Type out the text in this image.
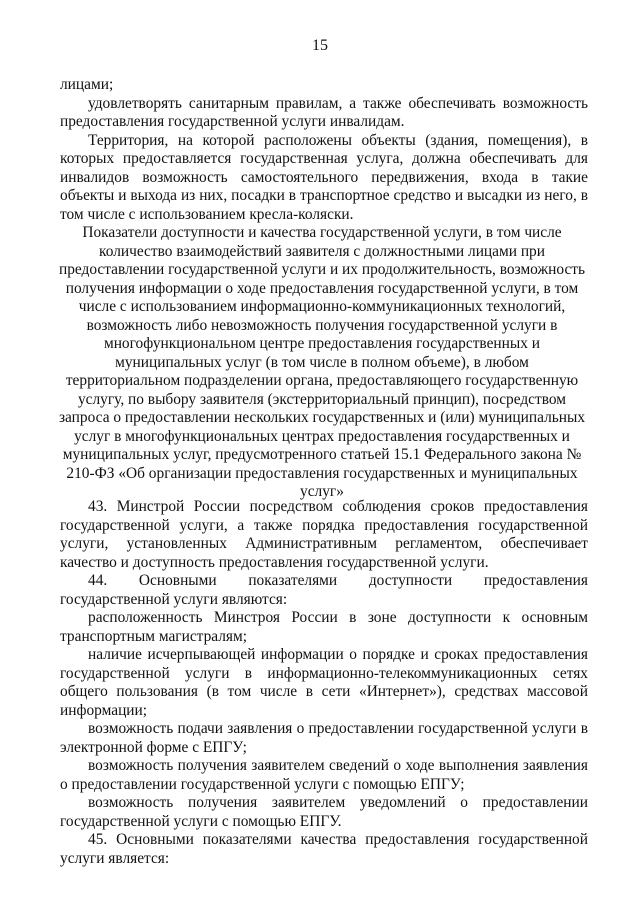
15

лицами;

удовлетворять санитарным правилам, а также обеспечивать возможность предоставления государственной услуги инвалидам.

Территория, на которой расположены объекты (здания, помещения), в которых предоставляется государственная услуга, должна обеспечивать для инвалидов возможность самостоятельного передвижения, входа в такие объекты и выхода из них, посадки в транспортное средство и высадки из него, в том числе с использованием кресла-коляски.

Показатели доступности и качества государственной услуги, в том числе количество взаимодействий заявителя с должностными лицами при предоставлении государственной услуги и их продолжительность, возможность получения информации о ходе предоставления государственной услуги, в том числе с использованием информационно-коммуникационных технологий, возможность либо невозможность получения государственной услуги в многофункциональном центре предоставления государственных и муниципальных услуг (в том числе в полном объеме), в любом территориальном подразделении органа, предоставляющего государственную услугу, по выбору заявителя (экстерриториальный принцип), посредством запроса о предоставлении нескольких государственных и (или) муниципальных услуг в многофункциональных центрах предоставления государственных и муниципальных услуг, предусмотренного статьей 15.1 Федерального закона № 210-ФЗ «Об организации предоставления государственных и муниципальных услуг»

43. Минстрой России посредством соблюдения сроков предоставления государственной услуги, а также порядка предоставления государственной услуги, установленных Административным регламентом, обеспечивает качество и доступность предоставления государственной услуги.

44. Основными показателями доступности предоставления государственной услуги являются:

расположенность Минстроя России в зоне доступности к основным транспортным магистралям;

наличие исчерпывающей информации о порядке и сроках предоставления государственной услуги в информационно-телекоммуникационных сетях общего пользования (в том числе в сети «Интернет»), средствах массовой информации;

возможность подачи заявления о предоставлении государственной услуги в электронной форме с ЕПГУ;

возможность получения заявителем сведений о ходе выполнения заявления о предоставлении государственной услуги с помощью ЕПГУ;

возможность получения заявителем уведомлений о предоставлении государственной услуги с помощью ЕПГУ.

45. Основными показателями качества предоставления государственной услуги является:
